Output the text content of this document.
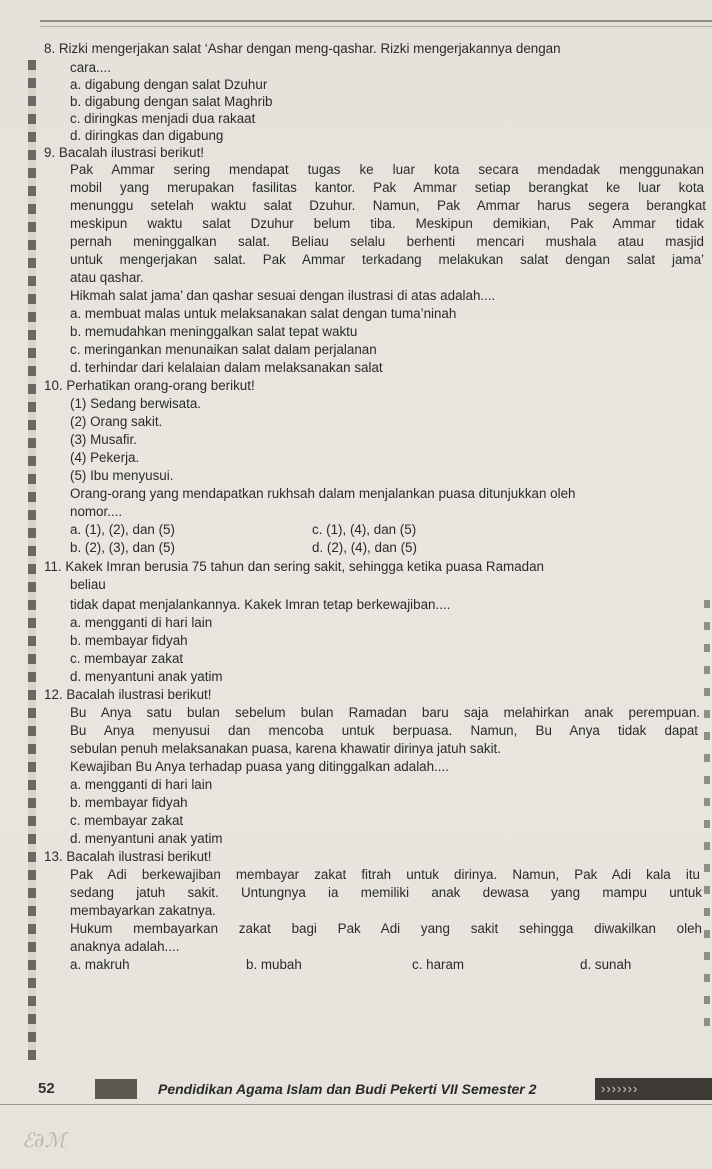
8. Rizki mengerjakan salat ‘Ashar dengan meng-qashar. Rizki mengerjakannya dengan
cara....
a. digabung dengan salat Dzuhur
b. digabung dengan salat Maghrib
c. diringkas menjadi dua rakaat
d. diringkas dan digabung
9. Bacalah ilustrasi berikut!
Pak Ammar sering mendapat tugas ke luar kota secara mendadak menggunakan
mobil yang merupakan fasilitas kantor. Pak Ammar setiap berangkat ke luar kota
menunggu setelah waktu salat Dzuhur. Namun, Pak Ammar harus segera berangkat
meskipun waktu salat Dzuhur belum tiba. Meskipun demikian, Pak Ammar tidak
pernah meninggalkan salat. Beliau selalu berhenti mencari mushala atau masjid
untuk mengerjakan salat. Pak Ammar terkadang melakukan salat dengan salat jama’
atau qashar.
Hikmah salat jama’ dan qashar sesuai dengan ilustrasi di atas adalah....
a. membuat malas untuk melaksanakan salat dengan tuma’ninah
b. memudahkan meninggalkan salat tepat waktu
c. meringankan menunaikan salat dalam perjalanan
d. terhindar dari kelalaian dalam melaksanakan salat
10. Perhatikan orang-orang berikut!
(1) Sedang berwisata.
(2) Orang sakit.
(3) Musafir.
(4) Pekerja.
(5) Ibu menyusui.
Orang-orang yang mendapatkan rukhsah dalam menjalankan puasa ditunjukkan oleh
nomor....
a. (1), (2), dan (5)	c. (1), (4), dan (5)
b. (2), (3), dan (5)	d. (2), (4), dan (5)
11. Kakek Imran berusia 75 tahun dan sering sakit, sehingga ketika puasa Ramadan
beliau
tidak dapat menjalankannya. Kakek Imran tetap berkewajiban....
a. mengganti di hari lain
b. membayar fidyah
c. membayar zakat
d. menyantuni anak yatim
12. Bacalah ilustrasi berikut!
Bu Anya satu bulan sebelum bulan Ramadan baru saja melahirkan anak perempuan.
Bu Anya menyusui dan mencoba untuk berpuasa. Namun, Bu Anya tidak dapat
sebulan penuh melaksanakan puasa, karena khawatir dirinya jatuh sakit.
Kewajiban Bu Anya terhadap puasa yang ditinggalkan adalah....
a. mengganti di hari lain
b. membayar fidyah
c. membayar zakat
d. menyantuni anak yatim
13. Bacalah ilustrasi berikut!
Pak Adi berkewajiban membayar zakat fitrah untuk dirinya. Namun, Pak Adi kala itu
sedang jatuh sakit. Untungnya ia memiliki anak dewasa yang mampu untuk
membayarkan zakatnya.
Hukum membayarkan zakat bagi Pak Adi yang sakit sehingga diwakilkan oleh
anaknya adalah....
a. makruh	b. mubah	c. haram	d. sunah
52	Pendidikan Agama Islam dan Budi Pekerti VII Semester 2	›››››››
ℰ∂ℳ
